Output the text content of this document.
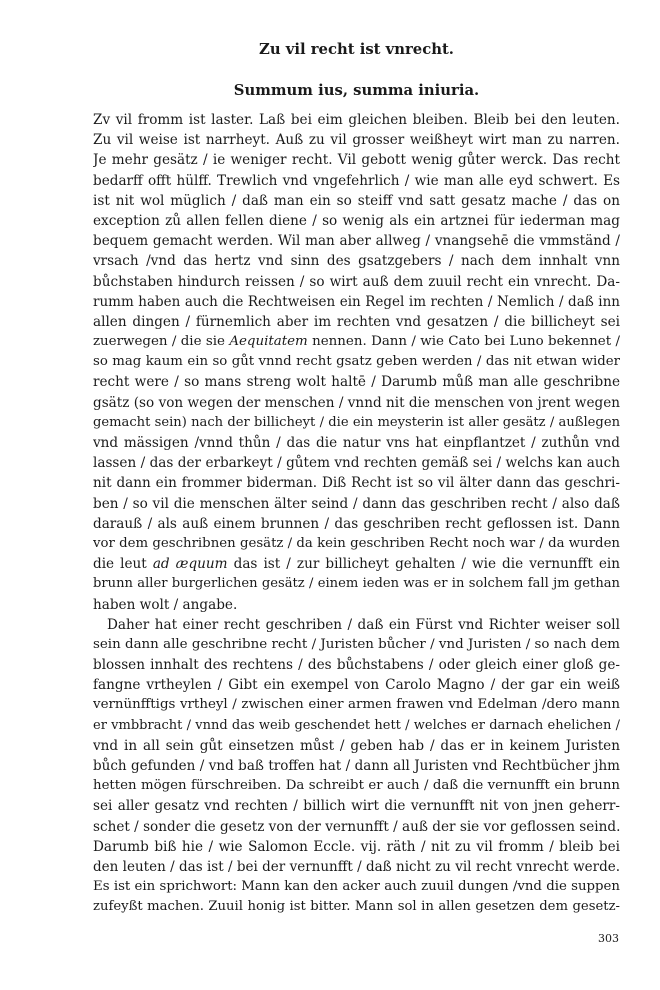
Zu vil recht ist vnrecht.
Summum ius, summa iniuria.
Zv vil fromm ist laster. Laß bei eim gleichen bleiben. Bleib bei den leuten.
Zu vil weise ist narrheyt. Auß zu vil grosser weißheyt wirt man zu narren.
Je mehr gesätz / ie weniger recht. Vil gebott wenig gůter werck. Das recht
bedarff offt hülff. Trewlich vnd vngefehrlich / wie man alle eyd schwert. Es
ist nit wol müglich / daß man ein so steiff vnd satt gesatz mache / das on
exception zů allen fellen diene / so wenig als ein artznei für iederman mag
bequem gemacht werden. Wil man aber allweg / vnangsehē die vmmständ /
vrsach /vnd das hertz vnd sinn des gsatzgebers / nach dem innhalt vnn
bůchstaben hindurch reissen / so wirt auß dem zuuil recht ein vnrecht. Da-
rumm haben auch die Rechtweisen ein Regel im rechten / Nemlich / daß inn
allen dingen / fürnemlich aber im rechten vnd gesatzen / die billicheyt sei
zuerwegen / die sie Aequitatem nennen. Dann / wie Cato bei Luno bekennet /
so mag kaum ein so gůt vnnd recht gsatz geben werden / das nit etwan wider
recht were / so mans streng wolt haltē / Darumb můß man alle geschribne
gsätz (so von wegen der menschen / vnnd nit die menschen von jrent wegen
gemacht sein) nach der billicheyt / die ein meysterin ist aller gesätz / außlegen
vnd mässigen /vnnd thůn / das die natur vns hat einpflantzet / zuthůn vnd
lassen / das der erbarkeyt / gůtem vnd rechten gemäß sei / welchs kan auch
nit dann ein frommer biderman. Diß Recht ist so vil älter dann das geschri-
ben / so vil die menschen älter seind / dann das geschriben recht / also daß
darauß / als auß einem brunnen / das geschriben recht geflossen ist. Dann
vor dem geschribnen gesätz / da kein geschriben Recht noch war / da wurden
die leut ad æquum das ist / zur billicheyt gehalten / wie die vernunfft ein
brunn aller burgerlichen gesätz / einem ieden was er in solchem fall jm gethan
haben wolt / angabe.
Daher hat einer recht geschriben / daß ein Fürst vnd Richter weiser soll
sein dann alle geschribne recht / Juristen bůcher / vnd Juristen / so nach dem
blossen innhalt des rechtens / des bůchstabens / oder gleich einer gloß ge-
fangne vrtheylen / Gibt ein exempel von Carolo Magno / der gar ein weiß
vernünfftigs vrtheyl / zwischen einer armen frawen vnd Edelman /dero mann
er vmbbracht / vnnd das weib geschendet hett / welches er darnach ehelichen /
vnd in all sein gůt einsetzen můst / geben hab / das er in keinem Juristen
bůch gefunden / vnd baß troffen hat / dann all Juristen vnd Rechtbücher jhm
hetten mögen fürschreiben. Da schreibt er auch / daß die vernunfft ein brunn
sei aller gesatz vnd rechten / billich wirt die vernunfft nit von jnen geherr-
schet / sonder die gesetz von der vernunfft / auß der sie vor geflossen seind.
Darumb biß hie / wie Salomon Eccle. vij. räth / nit zu vil fromm / bleib bei
den leuten / das ist / bei der vernunfft / daß nicht zu vil recht vnrecht werde.
Es ist ein sprichwort: Mann kan den acker auch zuuil dungen /vnd die suppen
zufeyßt machen. Zuuil honig ist bitter. Mann sol in allen gesetzen dem gesetz-
303
